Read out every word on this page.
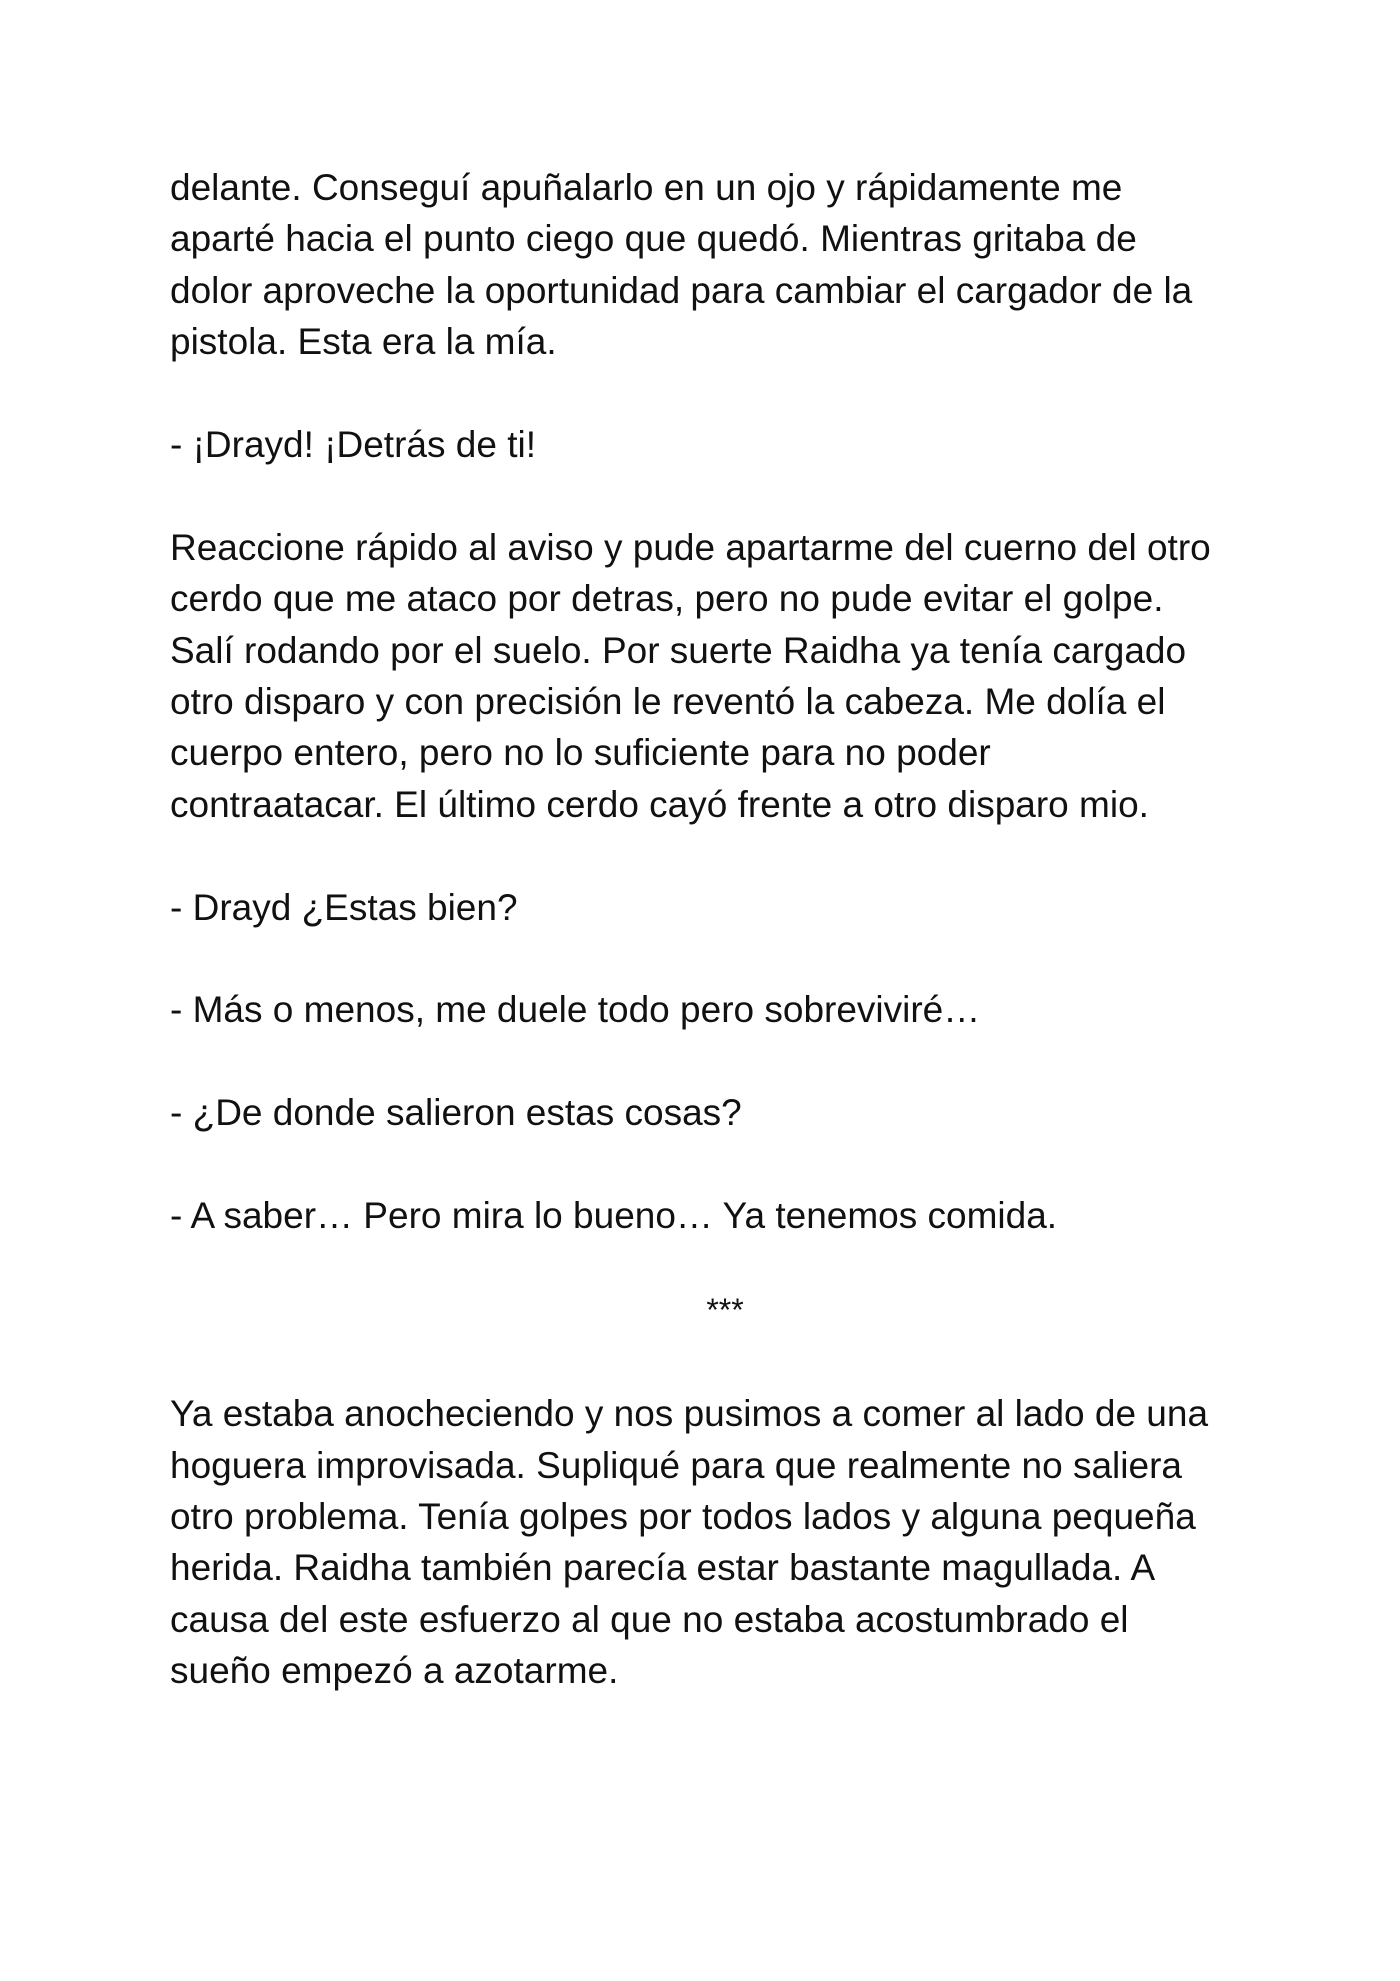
delante. Conseguí apuñalarlo en un ojo y rápidamente me
aparté hacia el punto ciego que quedó. Mientras gritaba de
dolor aproveche la oportunidad para cambiar el cargador de la
pistola. Esta era la mía.

- ¡Drayd! ¡Detrás de ti!

Reaccione rápido al aviso y pude apartarme del cuerno del otro
cerdo que me ataco por detras, pero no pude evitar el golpe.
Salí rodando por el suelo. Por suerte Raidha ya tenía cargado
otro disparo y con precisión le reventó la cabeza. Me dolía el
cuerpo entero, pero no lo suficiente para no poder
contraatacar. El último cerdo cayó frente a otro disparo mio.

- Drayd ¿Estas bien?

- Más o menos, me duele todo pero sobreviviré…

- ¿De donde salieron estas cosas?

- A saber… Pero mira lo bueno… Ya tenemos comida.

***

Ya estaba anocheciendo y nos pusimos a comer al lado de una
hoguera improvisada. Supliqué para que realmente no saliera
otro problema. Tenía golpes por todos lados y alguna pequeña
herida. Raidha también parecía estar bastante magullada. A
causa del este esfuerzo al que no estaba acostumbrado el
sueño empezó a azotarme.
